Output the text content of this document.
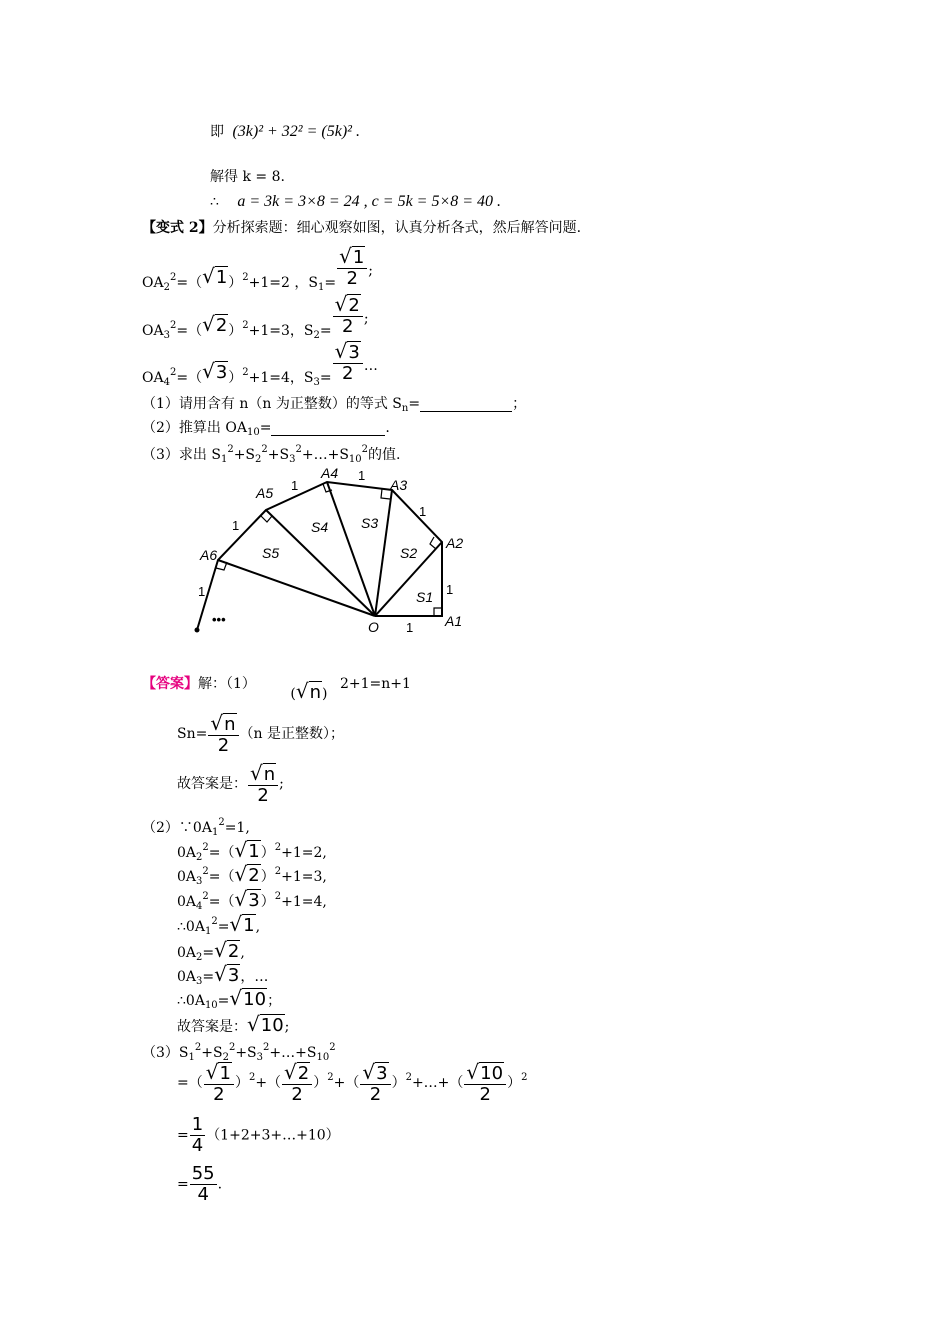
即 (3k)² + 32² = (5k)² .
解得 k = 8.
∴ a = 3k = 3×8 = 24 , c = 5k = 5×8 = 40 .
【变式 2】分析探索题：细心观察如图，认真分析各式，然后解答问题.
$OA_2^2=(√1)^2+1=2$ ，$S_1= \frac{√1}{2}$ ;
$OA_3^2=(√2)^2+1=3$，$S_2= \frac{√2}{2}$ ;
$OA_4^2=(√3)^2+1=4$，$S_3= \frac{√3}{2}$ …
（1）请用含有 n（n 为正整数）的等式 $S_n=$	；
（2）推算出 $OA_{10}=$	.
（3）求出 $S_1^2+S_2^2+S_3^2+\dots+S_{10}^2$的值.
A1
A2
A3
A4
A5
A6
O
S1
S2
S3
S4
S5
1
1
1
1
1
1
1
•••
【答案】解：（1） (√n) 2+1=n+1
$Sn= \frac{√n}{2} (n$ 是正整数）；
故答案是： $\frac{√n}{2}$ ;
$(2)\because 0A_1^2=1$,
$0A_2^2=(√1)^2+1=2$,
$0A_3^2=(√2)^2+1=3$,
$0A_4^2=(√3)^2+1=4$,
$\therefore 0A_1^2=√1$,
$0A_2=√2$,
$0A_3=√3$，…
$\therefore 0A_{10}=√10$；
故答案是：√10;
$(3)S_1^2+S_2^2+S_3^2+\dots+S_{10}^2$
=（ $\frac{√1}{2} )^2+( \frac{√2}{2} )^2+( \frac{√3}{2}$ ）$^2+\dots+( \frac{√10}{2} )^2$
= $\frac{1}{4}$ （1+2+3+…+10）
= $\frac{55}{4}$ .
